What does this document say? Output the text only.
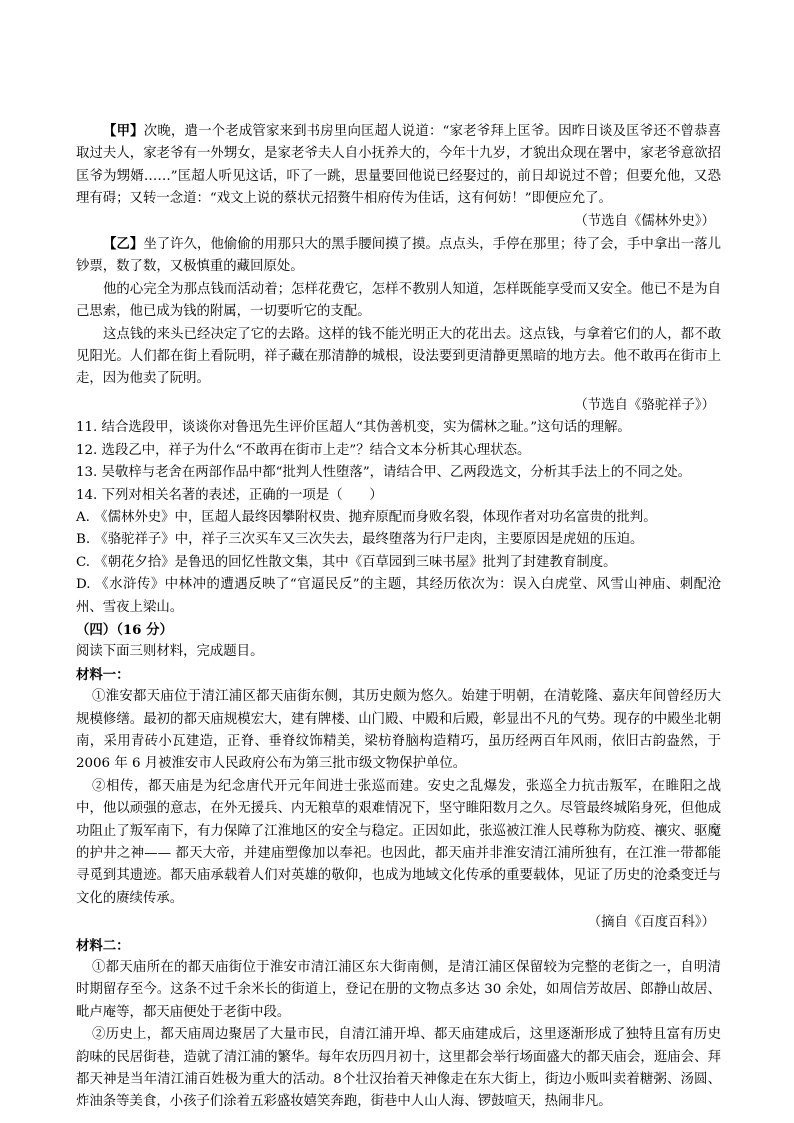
【甲】次晚，遣一个老成管家来到书房里向匡超人说道：“家老爷拜上匡爷。因昨日谈及匡爷还不曾恭喜取过夫人，家老爷有一外甥女，是家老爷夫人自小抚养大的，今年十九岁，才貌出众现在署中，家老爷意欲招匡爷为甥婿……”匡超人听见这话，吓了一跳，思量要回他说已经娶过的，前日却说过不曾；但要允他，又恐理有碍；又转一念道：“戏文上说的蔡状元招赘牛相府传为佳话，这有何妨！”即便应允了。

（节选自《儒林外史》）

【乙】坐了许久，他偷偷的用那只大的黑手腰间摸了摸。点点头，手停在那里；待了会，手中拿出一落儿钞票，数了数，又极慎重的藏回原处。

他的心完全为那点钱而活动着；怎样花费它，怎样不教别人知道，怎样既能享受而又安全。他已不是为自己思索，他已成为钱的附属，一切要听它的支配。

这点钱的来头已经决定了它的去路。这样的钱不能光明正大的花出去。这点钱，与拿着它们的人，都不敢见阳光。人们都在街上看阮明，祥子藏在那清静的城根，设法要到更清静更黑暗的地方去。他不敢再在街市上走，因为他卖了阮明。

（节选自《骆驼祥子》）

11. 结合选段甲，谈谈你对鲁迅先生评价匡超人“其伪善机变，实为儒林之耻。”这句话的理解。

12. 选段乙中，祥子为什么“不敢再在街市上走”？结合文本分析其心理状态。

13. 吴敬梓与老舍在两部作品中都“批判人性堕落”，请结合甲、乙两段选文，分析其手法上的不同之处。

14. 下列对相关名著的表述，正确的一项是（　　）

A. 《儒林外史》中，匡超人最终因攀附权贵、抛弃原配而身败名裂，体现作者对功名富贵的批判。

B. 《骆驼祥子》中，祥子三次买车又三次失去，最终堕落为行尸走肉，主要原因是虎妞的压迫。

C. 《朝花夕拾》是鲁迅的回忆性散文集，其中《百草园到三味书屋》批判了封建教育制度。

D. 《水浒传》中林冲的遭遇反映了“官逼民反”的主题，其经历依次为：误入白虎堂、风雪山神庙、刺配沧州、雪夜上梁山。

（四）（16 分）

阅读下面三则材料，完成题目。

材料一：

①淮安都天庙位于清江浦区都天庙街东侧，其历史颇为悠久。始建于明朝，在清乾隆、嘉庆年间曾经历大规模修缮。最初的都天庙规模宏大，建有牌楼、山门殿、中殿和后殿，彰显出不凡的气势。现存的中殿坐北朝南，采用青砖小瓦建造，正脊、垂脊纹饰精美，梁枋脊脑构造精巧，虽历经两百年风雨，依旧古韵盎然，于 2006 年 6 月被淮安市人民政府公布为第三批市级文物保护单位。

②相传，都天庙是为纪念唐代开元年间进士张巡而建。安史之乱爆发，张巡全力抗击叛军，在睢阳之战中，他以顽强的意志，在外无援兵、内无粮草的艰难情况下，坚守睢阳数月之久。尽管最终城陷身死，但他成功阻止了叛军南下，有力保障了江淮地区的安全与稳定。正因如此，张巡被江淮人民尊称为防疫、禳灾、驱魔的护井之神—— 都天大帝，并建庙塑像加以奉祀。也因此，都天庙并非淮安清江浦所独有，在江淮一带都能寻觅到其遗迹。都天庙承载着人们对英雄的敬仰，也成为地域文化传承的重要载体，见证了历史的沧桑变迁与文化的赓续传承。

（摘自《百度百科》）

材料二：

①都天庙所在的都天庙街位于淮安市清江浦区东大街南侧，是清江浦区保留较为完整的老街之一，自明清时期留存至今。这条不过千余米长的街道上，登记在册的文物点多达 30 余处，如周信芳故居、郎静山故居、毗卢庵等，都天庙便处于老街中段。

②历史上，都天庙周边聚居了大量市民，自清江浦开埠、都天庙建成后，这里逐渐形成了独特且富有历史韵味的民居街巷，造就了清江浦的繁华。每年农历四月初十，这里都会举行场面盛大的都天庙会，逛庙会、拜都天神是当年清江浦百姓极为重大的活动。8个壮汉抬着天神像走在东大街上，街边小贩叫卖着糖粥、汤圆、炸油条等美食，小孩子们涂着五彩盛妆嬉笑奔跑，街巷中人山人海、锣鼓喧天，热闹非凡。
